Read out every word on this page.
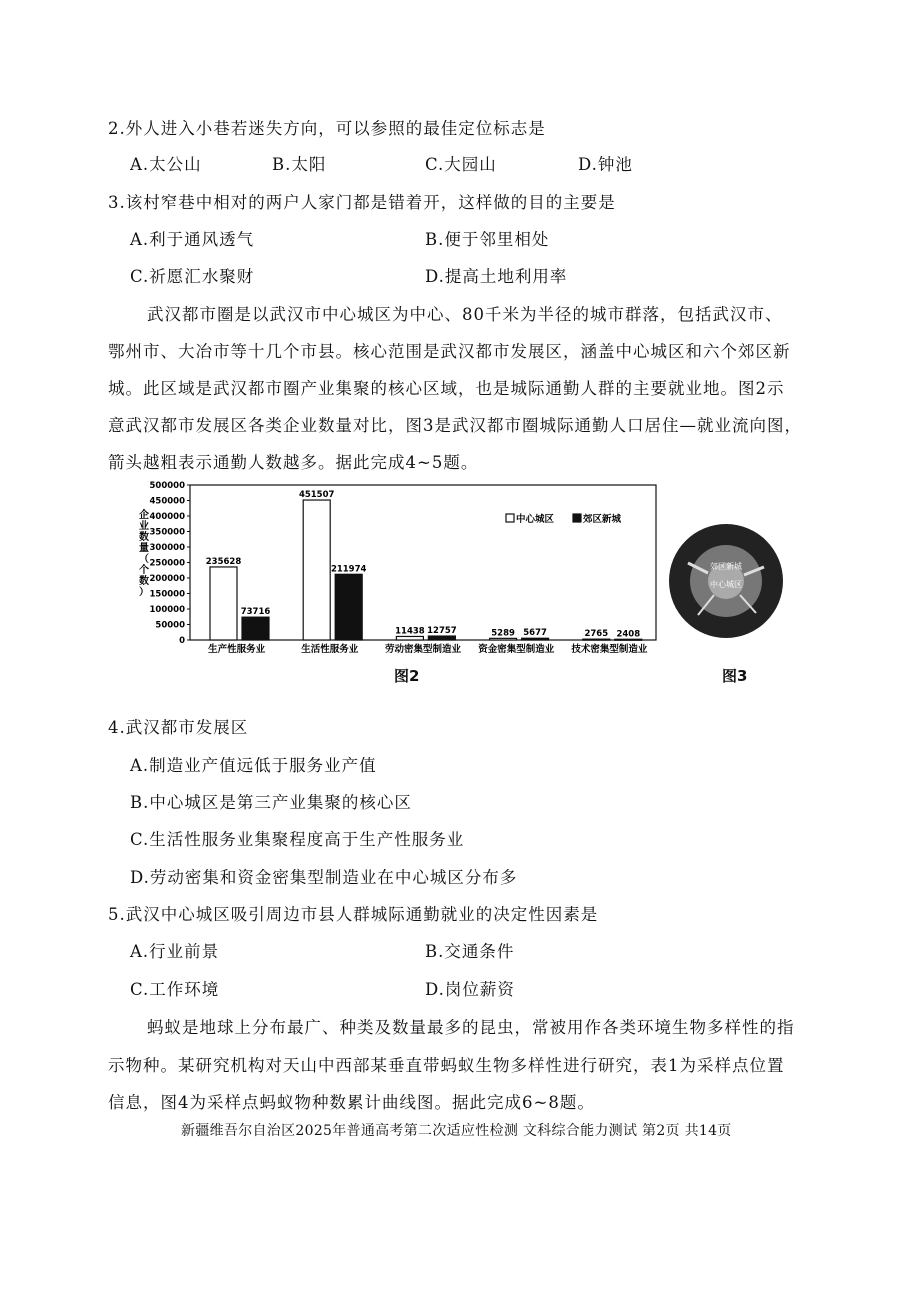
2.外人进入小巷若迷失方向，可以参照的最佳定位标志是
A.太公山	B.太阳	C.大园山	D.钟池
3.该村窄巷中相对的两户人家门都是错着开，这样做的目的主要是
A.利于通风透气	B.便于邻里相处
C.祈愿汇水聚财	D.提高土地利用率
武汉都市圈是以武汉市中心城区为中心、80千米为半径的城市群落，包括武汉市、
鄂州市、大冶市等十几个市县。核心范围是武汉都市发展区，涵盖中心城区和六个郊区新
城。此区域是武汉都市圈产业集聚的核心区域，也是城际通勤人群的主要就业地。图2示
意武汉都市发展区各类企业数量对比，图3是武汉都市圈城际通勤人口居住—就业流向图，
箭头越粗表示通勤人数越多。据此完成4~5题。
0
50000
100000
150000
200000
250000
300000
350000
400000
450000
500000
企
业
数
量
（
个
数
）
235628
73716
生产性服务业
451507
211974
生活性服务业
11438 12757
劳动密集型制造业
5289 5677
资金密集型制造业
2765 2408
技术密集型制造业
中心城区	郊区新城
图2
郊区新城
中心城区
图3
4.武汉都市发展区
A.制造业产值远低于服务业产值
B.中心城区是第三产业集聚的核心区
C.生活性服务业集聚程度高于生产性服务业
D.劳动密集和资金密集型制造业在中心城区分布多
5.武汉中心城区吸引周边市县人群城际通勤就业的决定性因素是
A.行业前景	B.交通条件
C.工作环境	D.岗位薪资
蚂蚁是地球上分布最广、种类及数量最多的昆虫，常被用作各类环境生物多样性的指
示物种。某研究机构对天山中西部某垂直带蚂蚁生物多样性进行研究，表1为采样点位置
信息，图4为采样点蚂蚁物种数累计曲线图。据此完成6~8题。
新疆维吾尔自治区2025年普通高考第二次适应性检测 文科综合能力测试 第2页 共14页
